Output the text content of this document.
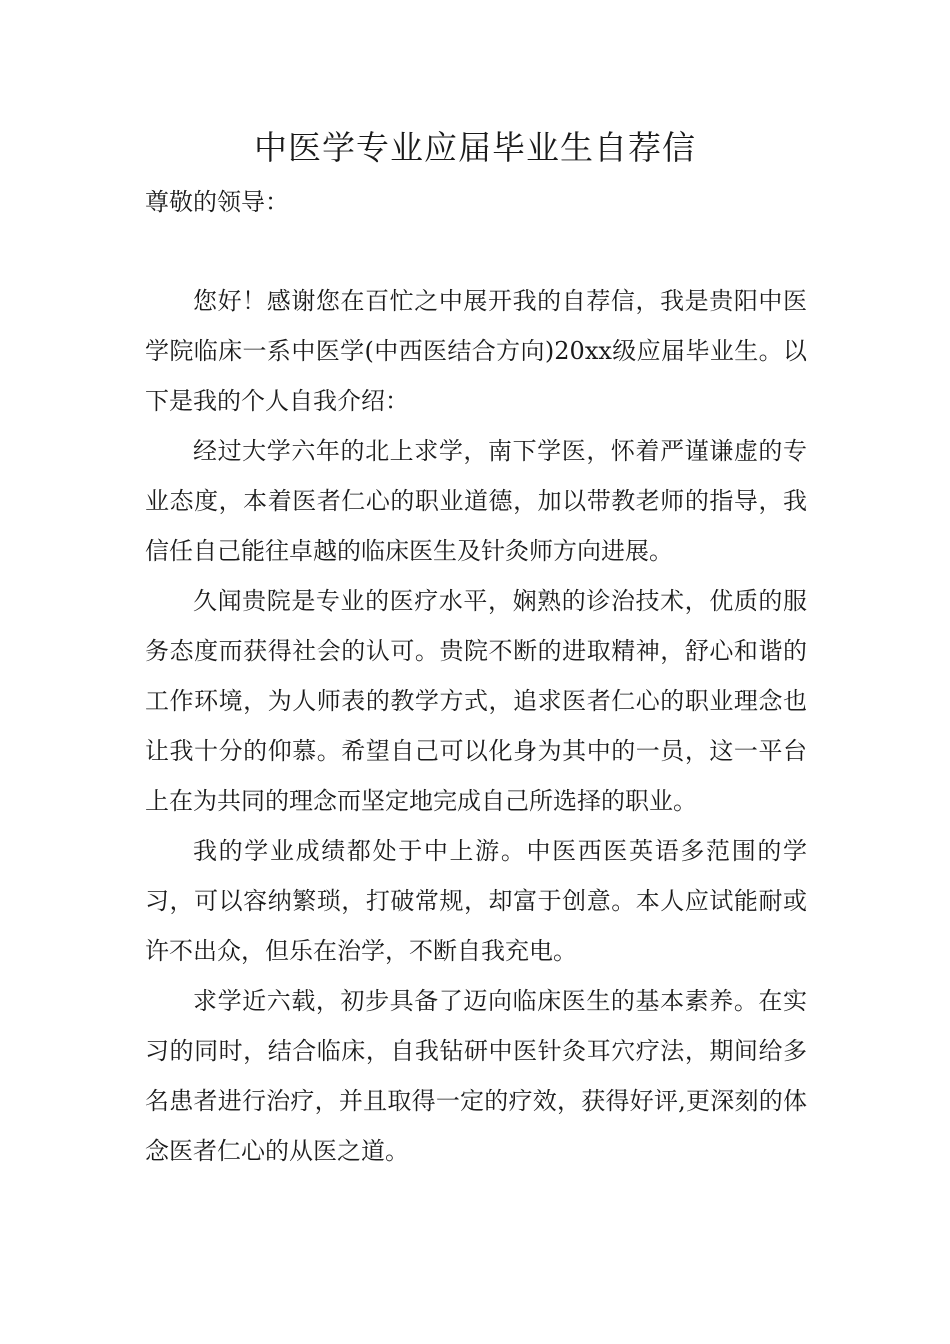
中医学专业应届毕业生自荐信
尊敬的领导：

您好！感谢您在百忙之中展开我的自荐信，我是贵阳中医学院临床一系中医学(中西医结合方向)20xx级应届毕业生。以下是我的个人自我介绍：

经过大学六年的北上求学，南下学医，怀着严谨谦虚的专业态度，本着医者仁心的职业道德，加以带教老师的指导，我信任自己能往卓越的临床医生及针灸师方向进展。

久闻贵院是专业的医疗水平，娴熟的诊治技术，优质的服务态度而获得社会的认可。贵院不断的进取精神，舒心和谐的工作环境，为人师表的教学方式，追求医者仁心的职业理念也让我十分的仰慕。希望自己可以化身为其中的一员，这一平台上在为共同的理念而坚定地完成自己所选择的职业。

我的学业成绩都处于中上游。中医西医英语多范围的学习，可以容纳繁琐，打破常规，却富于创意。本人应试能耐或许不出众，但乐在治学，不断自我充电。

求学近六载，初步具备了迈向临床医生的基本素养。在实习的同时，结合临床，自我钻研中医针灸耳穴疗法，期间给多名患者进行治疗，并且取得一定的疗效，获得好评,更深刻的体念医者仁心的从医之道。
